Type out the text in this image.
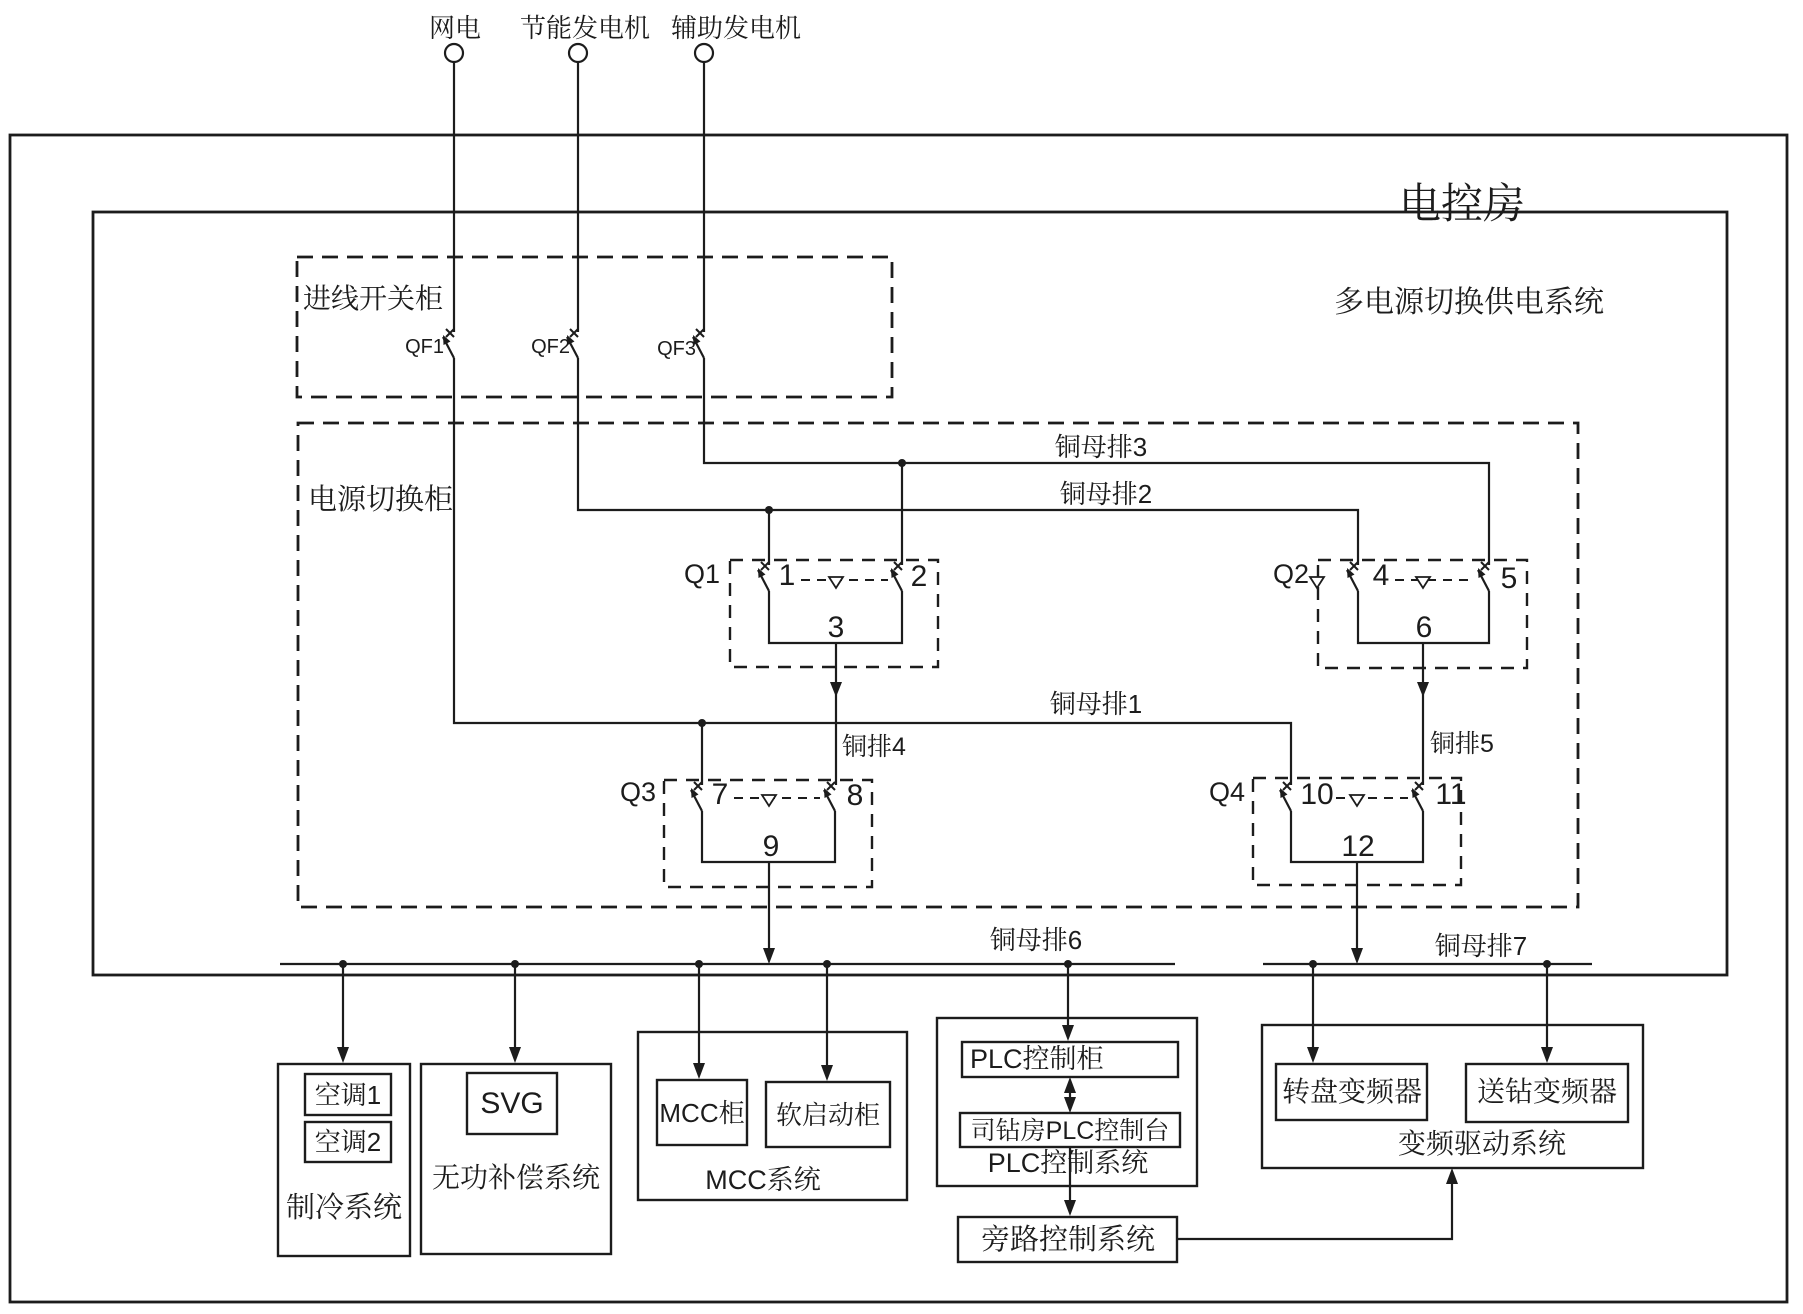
电控房
多电源切换供电系统
进线开关柜
电源切换柜
网电 节能发电机 辅助发电机
QF1	QF2	QF3
铜母排3
铜母排2
铜母排1
Q1 1	2
3
铜排4
Q2 4	5
6
铜排5
Q3 7	8
9
Q4 10	11
12
铜母排6	铜母排7
空调1
空调2
制冷系统
SVG
无功补偿系统
MCC柜 软启动柜
MCC系统
PLC控制柜
司钻房PLC控制台
PLC控制系统
旁路控制系统
转盘变频器 送钻变频器
变频驱动系统
